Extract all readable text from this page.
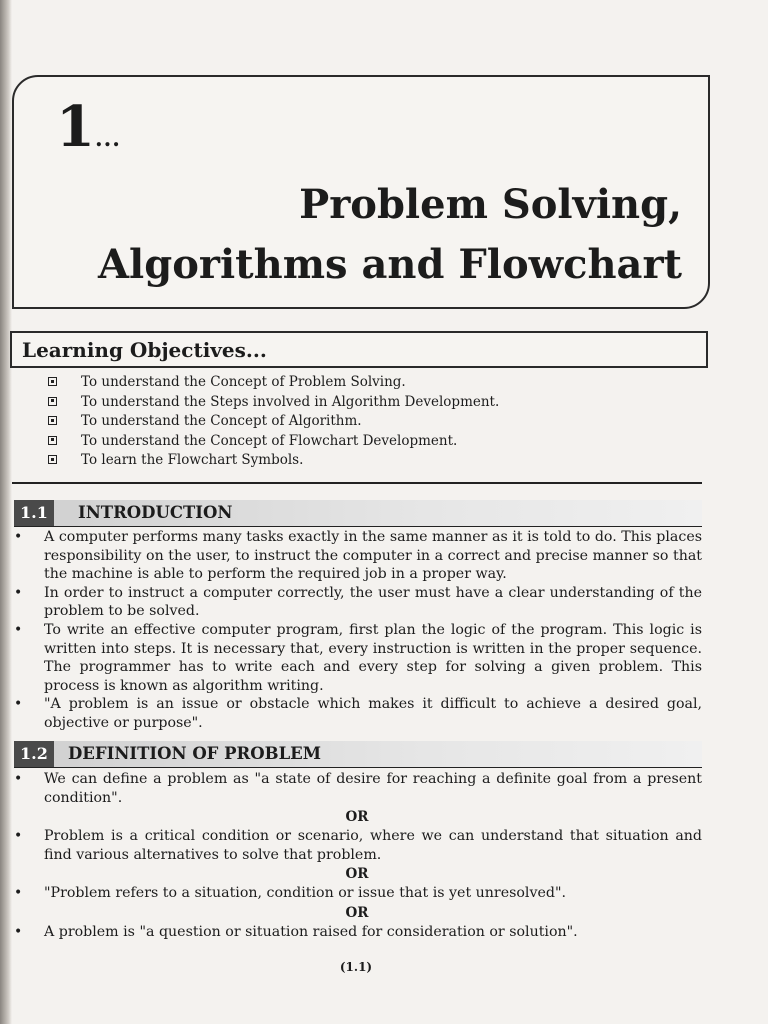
1...
Problem Solving,
Algorithms and Flowchart
Learning Objectives...
To understand the Concept of Problem Solving.
To understand the Steps involved in Algorithm Development.
To understand the Concept of Algorithm.
To understand the Concept of Flowchart Development.
To learn the Flowchart Symbols.
1.1	INTRODUCTION
• A computer performs many tasks exactly in the same manner as it is told to do. This places responsibility on the user, to instruct the computer in a correct and precise manner so that the machine is able to perform the required job in a proper way.
• In order to instruct a computer correctly, the user must have a clear understanding of the problem to be solved.
• To write an effective computer program, first plan the logic of the program. This logic is written into steps. It is necessary that, every instruction is written in the proper sequence. The programmer has to write each and every step for solving a given problem. This process is known as algorithm writing.
• "A problem is an issue or obstacle which makes it difficult to achieve a desired goal, objective or purpose".
1.2	DEFINITION OF PROBLEM
• We can define a problem as "a state of desire for reaching a definite goal from a present condition".
OR
• Problem is a critical condition or scenario, where we can understand that situation and find various alternatives to solve that problem.
OR
• "Problem refers to a situation, condition or issue that is yet unresolved".
OR
• A problem is "a question or situation raised for consideration or solution".
(1.1)
